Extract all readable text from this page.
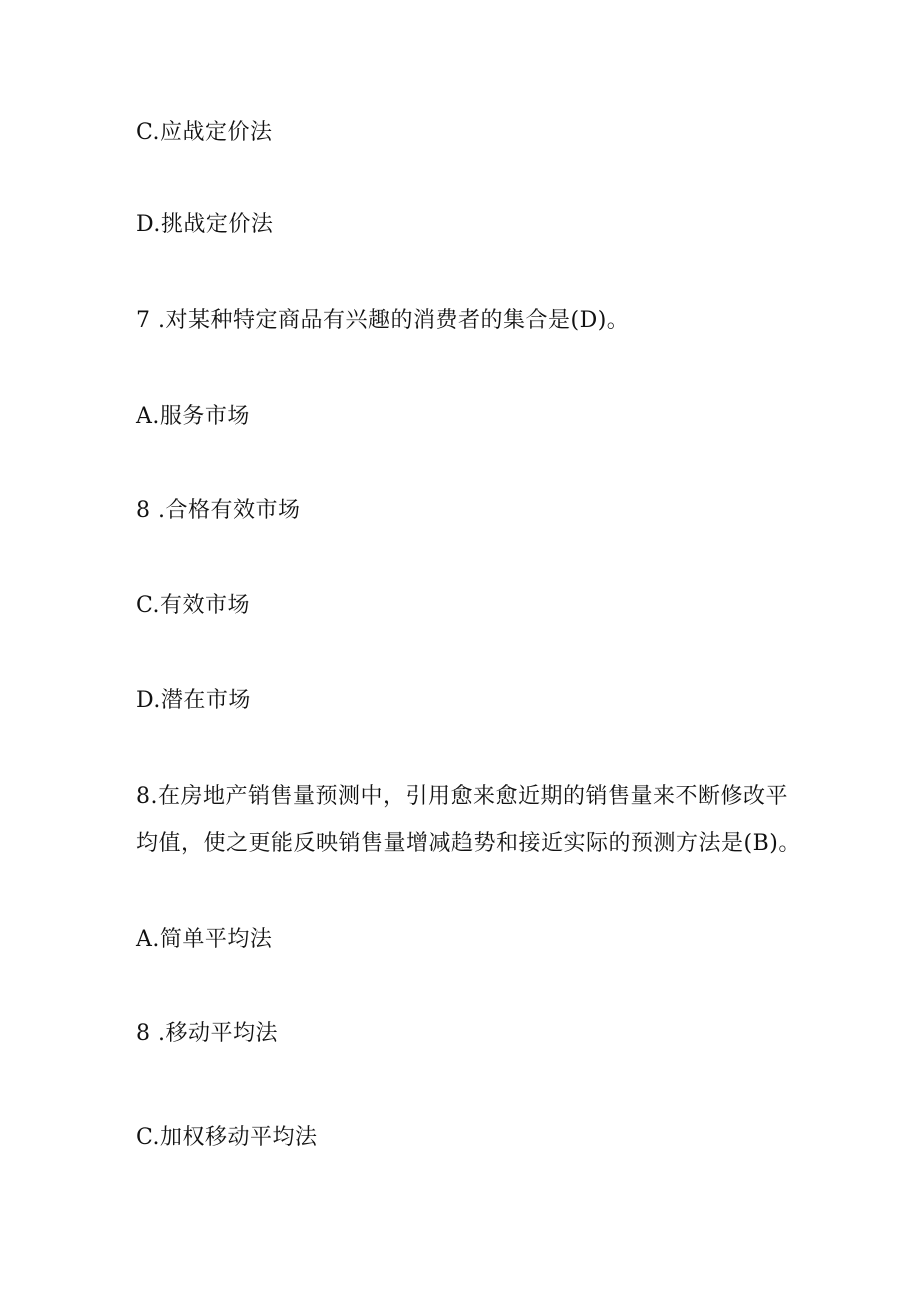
C.应战定价法
D.挑战定价法
7 .对某种特定商品有兴趣的消费者的集合是(D)。
A.服务市场
8 .合格有效市场
C.有效市场
D.潜在市场
8.在房地产销售量预测中，引用愈来愈近期的销售量来不断修改平
均值，使之更能反映销售量增减趋势和接近实际的预测方法是(B)。
A.简单平均法
8 .移动平均法
C.加权移动平均法
